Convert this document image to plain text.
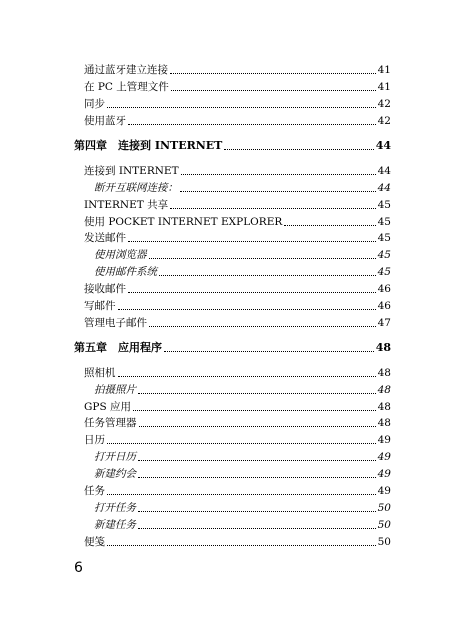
通过蓝牙建立连接	41
在 PC 上管理文件	41
同步	42
使用蓝牙	42
第四章　连接到 INTERNET	44
连接到 INTERNET	44
断开互联网连接：	44
INTERNET 共享	45
使用 POCKET INTERNET EXPLORER	45
发送邮件	45
使用浏览器	45
使用邮件系统	45
接收邮件	46
写邮件	46
管理电子邮件	47
第五章　应用程序	48
照相机	48
拍摄照片	48
GPS 应用	48
任务管理器	48
日历	49
打开日历	49
新建约会	49
任务	49
打开任务	50
新建任务	50
便笺	50
6
